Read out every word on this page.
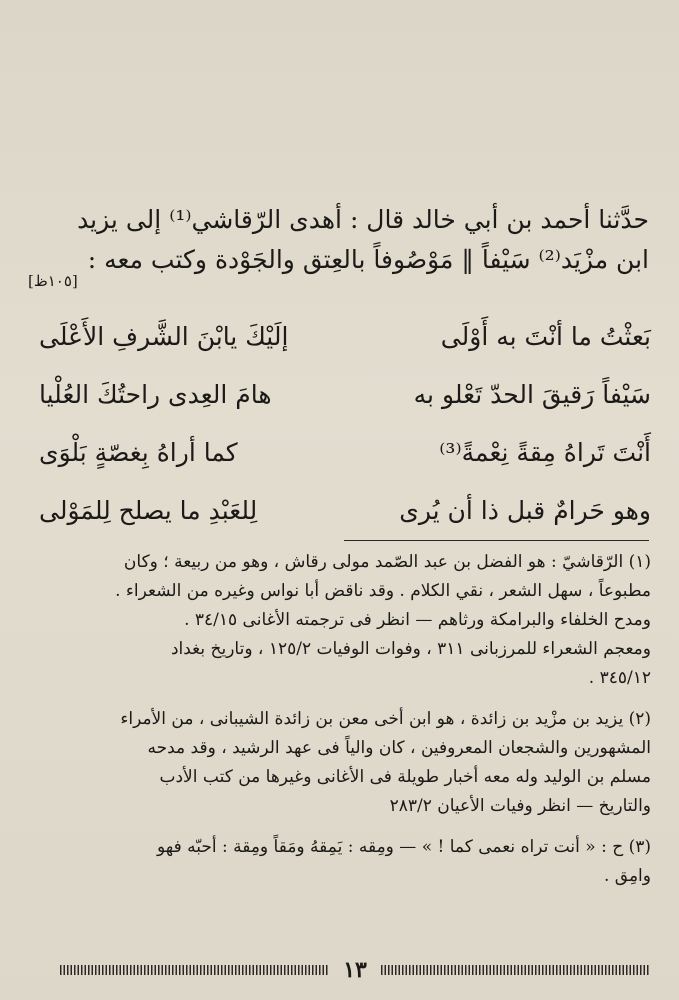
حدَّثنا أحمد بن أبي خالد قال : أهدى الرّقاشي⁽¹⁾ إلى يزيد

ابن مزْيَد⁽²⁾ سَيْفاً ‖ مَوْصُوفاً بالعِتق والجَوْدة وكتب معه :

[١٠٥ظ]
بَعثْتُ ما أنْتَ به أَوْلَى
إلَيْكَ يابْنَ الشَّرفِ الأَعْلَى
سَيْفاً رَقيقَ الحدّ تَعْلو به
هامَ العِدى راحتُكَ العُلْيا
أَنْتَ تَراهُ مِقةً نِعْمةً⁽³⁾
كما أراهُ بِغصّةٍ بَلْوَى
وهو حَرامٌ قبل ذا أن يُرى
لِلعَبْدِ ما يصلح لِلمَوْلى

(١) الرّقاشيّ : هو الفضل بن عبد الصّمد مولى رقاش ، وهو من ربيعة ؛ وكان

مطبوعاً ، سهل الشعر ، نقي الكلام . وقد ناقض أبا نواس وغيره من الشعراء .

ومدح الخلفاء والبرامكة ورثاهم — انظر فى ترجمته الأغانى ٣٤/١٥ .

ومعجم الشعراء للمرزبانى ٣١١ ، وفوات الوفيات ١٢٥/٢ ، وتاريخ بغداد

٣٤٥/١٢ .

(٢) يزيد بن مزْيد بن زائدة ، هو ابن أخى معن بن زائدة الشيبانى ، من الأمراء

المشهورين والشجعان المعروفين ، كان والياً فى عهد الرشيد ، وقد مدحه

مسلم بن الوليد وله معه أخبار طويلة فى الأغانى وغيرها من كتب الأدب

والتاريخ — انظر وفيات الأعيان ٢٨٣/٢

(٣) ح : « أنت تراه نعمى كما ! » — ومِقه : يَمِقهُ ومَقاً ومِقة : أحبّه فهو

وامِق .

١٣
